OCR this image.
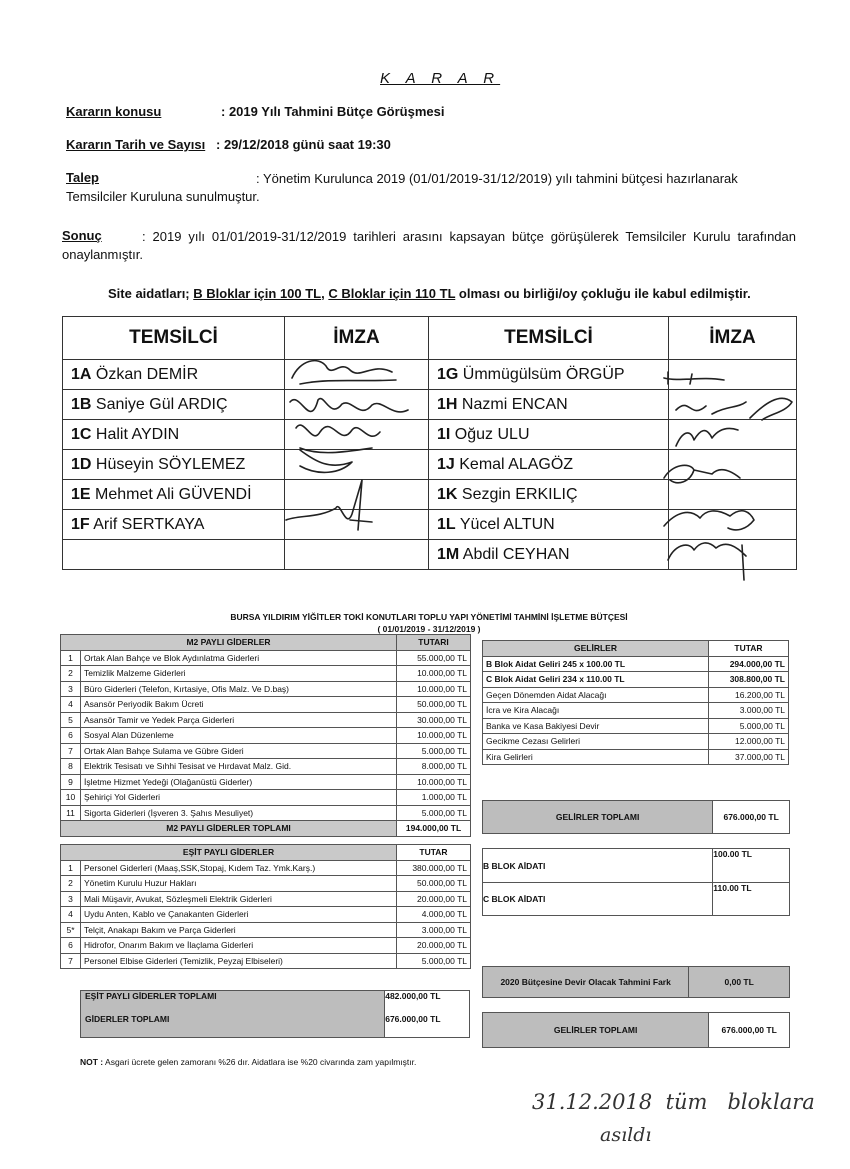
K A R A R
Kararın konusu	: 2019 Yılı Tahmini Bütçe Görüşmesi
Kararın Tarih ve Sayısı : 29/12/2018 günü saat 19:30
Talep	: Yönetim Kurulunca 2019 (01/01/2019-31/12/2019) yılı tahmini bütçesi hazırlanarak Temsilciler Kuruluna sunulmuştur.
Sonuç	: 2019 yılı 01/01/2019-31/12/2019 tarihleri arasını kapsayan bütçe görüşülerek Temsilciler Kurulu tarafından onaylanmıştır.
Site aidatları; B Bloklar için 100 TL, C Bloklar için 110 TL olması ou birliği/oy çokluğu ile kabul edilmiştir.
TEMSİLCİ	İMZA	TEMSİLCİ	İMZA
1A Özkan DEMİR		1G Ümmügülsüm ÖRGÜP	
1B Saniye Gül ARDIÇ		1H Nazmi ENCAN	
1C Halit AYDIN		1I Oğuz ULU	
1D Hüseyin SÖYLEMEZ		1J Kemal ALAGÖZ	
1E Mehmet Ali GÜVENDİ		1K Sezgin ERKILIÇ	
1F Arif SERTKAYA		1L Yücel ALTUN	
		1M Abdil CEYHAN	
BURSA YILDIRIM YİĞİTLER TOKİ KONUTLARI TOPLU YAPI YÖNETİMİ TAHMİNİ İŞLETME BÜTÇESİ
( 01/01/2019 - 31/12/2019 )
M2 PAYLI GİDERLER		TUTARI
1	Ortak Alan Bahçe ve Blok Aydınlatma Giderleri	55.000,00 TL
2	Temizlik Malzeme Giderleri	10.000,00 TL
3	Büro Giderleri (Telefon, Kırtasiye, Ofis Malz. Ve D.baş)	10.000,00 TL
4	Asansör Periyodik Bakım Ücreti	50.000,00 TL
5	Asansör Tamir ve Yedek Parça Giderleri	30.000,00 TL
6	Sosyal Alan Düzenleme	10.000,00 TL
7	Ortak Alan Bahçe Sulama ve Gübre Gideri	5.000,00 TL
8	Elektrik Tesisatı ve Sıhhi Tesisat ve Hırdavat Malz. Gid.	8.000,00 TL
9	İşletme Hizmet Yedeği (Olağanüstü Giderler)	10.000,00 TL
10	Şehiriçi Yol Giderleri	1.000,00 TL
11	Sigorta Giderleri (İşveren 3. Şahıs Mesuliyet)	5.000,00 TL
M2 PAYLI GİDERLER TOPLAMI		194.000,00 TL
EŞİT PAYLI GİDERLER		TUTAR
1	Personel Giderleri (Maaş,SSK,Stopaj, Kıdem Taz. Ymk.Karş.)	380.000,00 TL
2	Yönetim Kurulu Huzur Hakları	50.000,00 TL
3	Mali Müşavir, Avukat, Sözleşmeli Elektrik Giderleri	20.000,00 TL
4	Uydu Anten, Kablo ve Çanakanten Giderleri	4.000,00 TL
5*	Telçit, Anakapı Bakım ve Parça Giderleri	3.000,00 TL
6	Hidrofor, Onarım Bakım ve İlaçlama Giderleri	20.000,00 TL
7	Personel Elbise Giderleri (Temizlik, Peyzaj Elbiseleri)	5.000,00 TL
EŞİT PAYLI GİDERLER TOPLAMI	482.000,00 TL
GİDERLER TOPLAMI	676.000,00 TL
GELİRLER	TUTAR
B Blok Aidat Geliri 245 x 100.00 TL	294.000,00 TL
C Blok Aidat Geliri 234 x 110.00 TL	308.800,00 TL
Geçen Dönemden Aidat Alacağı	16.200,00 TL
İcra ve Kira Alacağı	3.000,00 TL
Banka ve Kasa Bakiyesi Devir	5.000,00 TL
Gecikme Cezası Gelirleri	12.000,00 TL
Kira Gelirleri	37.000,00 TL
GELİRLER TOPLAMI	676.000,00 TL
B BLOK AİDATI
100.00 TL
C BLOK AİDATI
110.00 TL
2020 Bütçesine Devir Olacak Tahmini Fark	0,00 TL
GELİRLER TOPLAMI	676.000,00 TL
NOT : Asgari ücrete gelen zamoranı %26 dır. Aidatlara ise %20 civarında zam yapılmıştır.
31.12.2018  tüm   bloklara
asıldı
